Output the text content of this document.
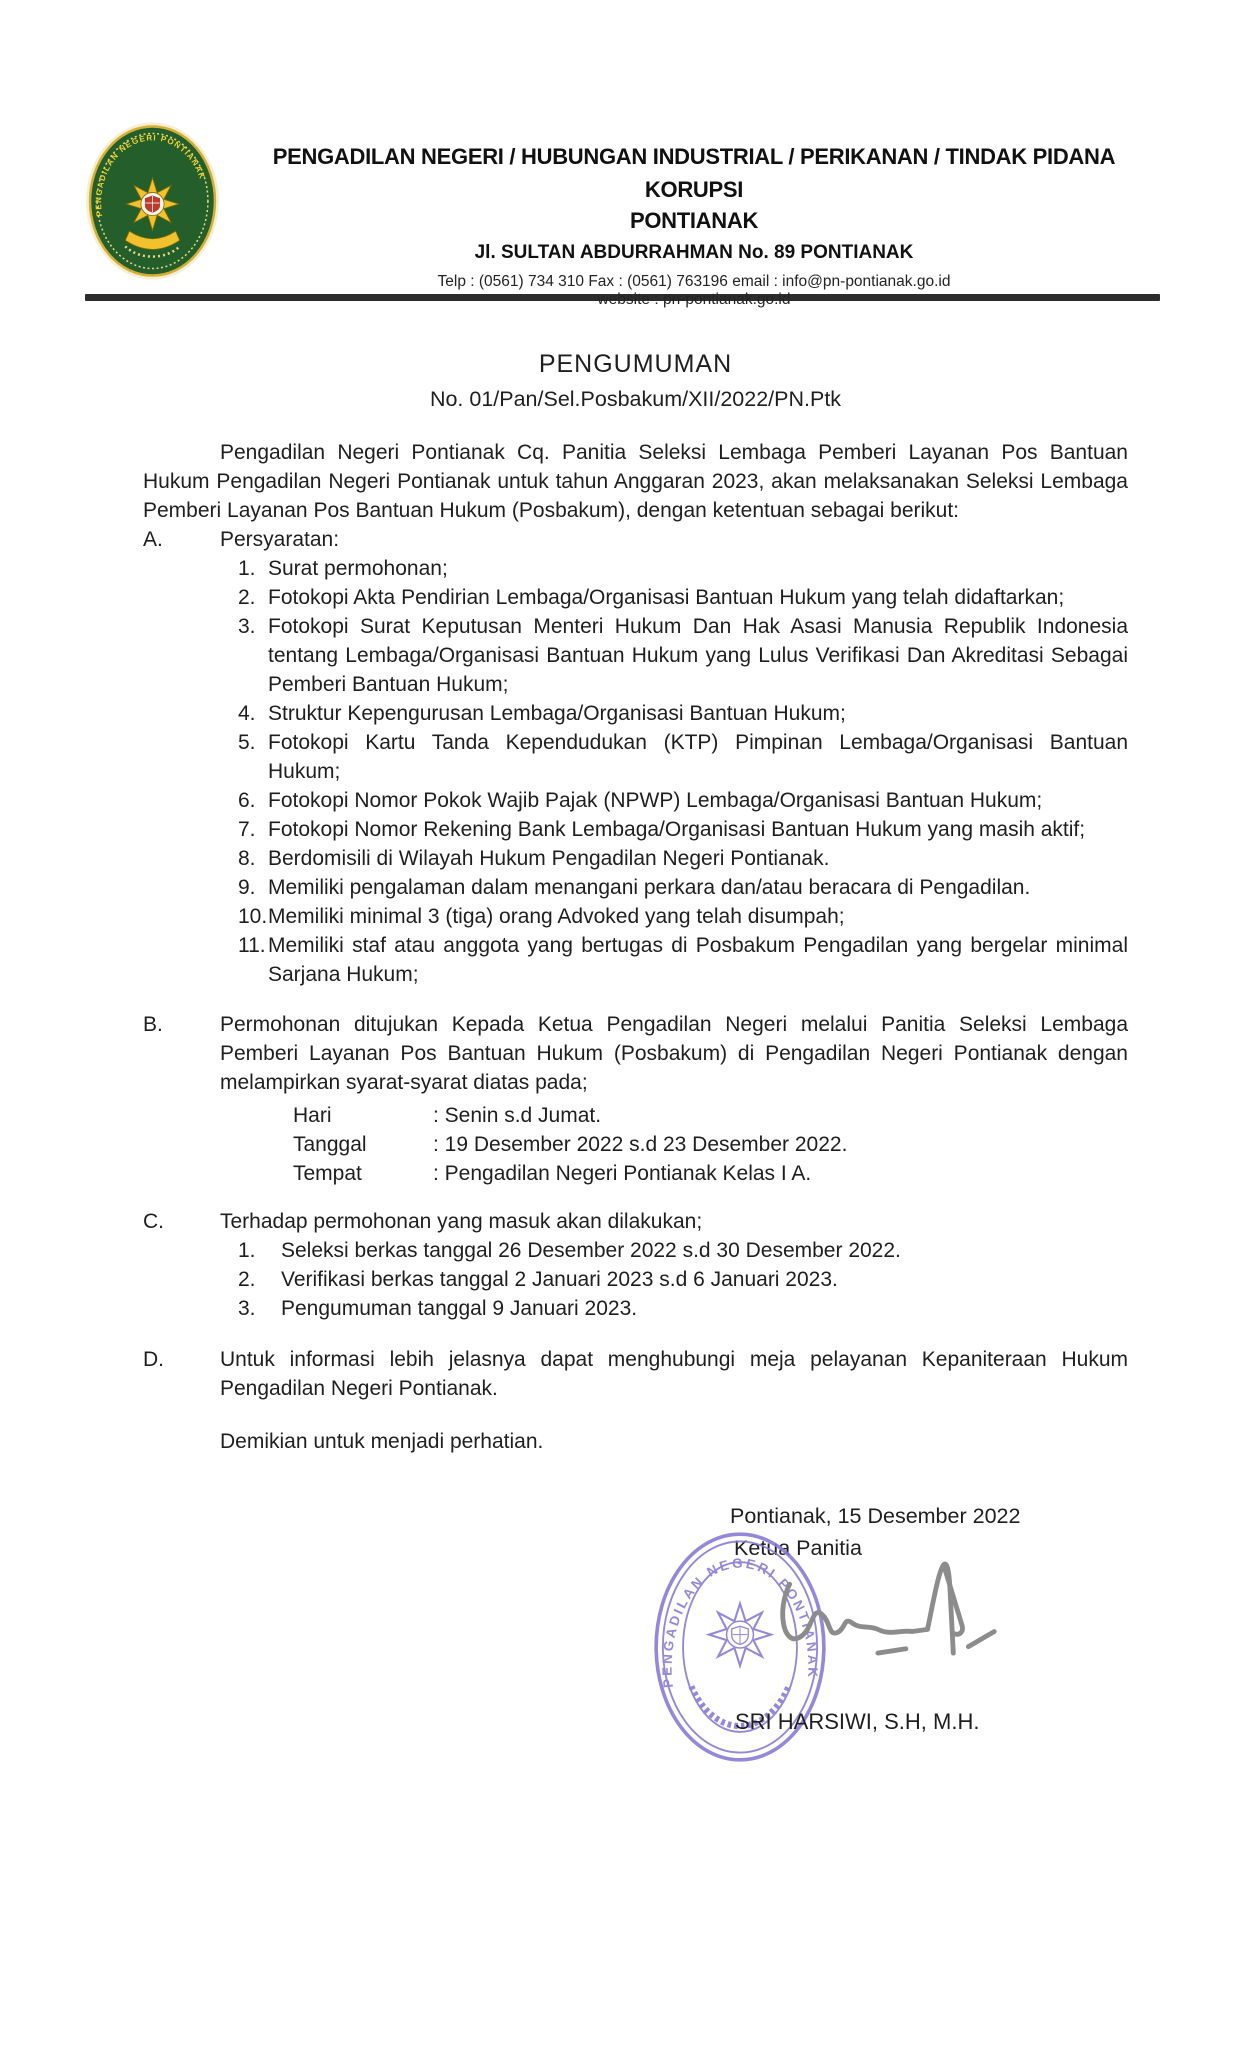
PENGADILAN NEGERI PONTIANAK
PENGADILAN NEGERI / HUBUNGAN INDUSTRIAL / PERIKANAN / TINDAK PIDANA KORUPSI
PONTIANAK
Jl. SULTAN ABDURRAHMAN No. 89 PONTIANAK
Telp : (0561) 734 310 Fax : (0561) 763196 email : info@pn-pontianak.go.id
website : pn-pontianak.go.id
PENGUMUMAN
No. 01/Pan/Sel.Posbakum/XII/2022/PN.Ptk

Pengadilan Negeri Pontianak Cq. Panitia Seleksi Lembaga Pemberi Layanan Pos Bantuan Hukum Pengadilan Negeri Pontianak untuk tahun Anggaran 2023, akan melaksanakan Seleksi Lembaga Pemberi Layanan Pos Bantuan Hukum (Posbakum), dengan ketentuan sebagai berikut:

A.	Persyaratan:
1. Surat permohonan;
2. Fotokopi Akta Pendirian Lembaga/Organisasi Bantuan Hukum yang telah didaftarkan;
3. Fotokopi Surat Keputusan Menteri Hukum Dan Hak Asasi Manusia Republik Indonesia tentang Lembaga/Organisasi Bantuan Hukum yang Lulus Verifikasi Dan Akreditasi Sebagai Pemberi Bantuan Hukum;
4. Struktur Kepengurusan Lembaga/Organisasi Bantuan Hukum;
5. Fotokopi Kartu Tanda Kependudukan (KTP) Pimpinan Lembaga/Organisasi Bantuan Hukum;
6. Fotokopi Nomor Pokok Wajib Pajak (NPWP) Lembaga/Organisasi Bantuan Hukum;
7. Fotokopi Nomor Rekening Bank Lembaga/Organisasi Bantuan Hukum yang masih aktif;
8. Berdomisili di Wilayah Hukum Pengadilan Negeri Pontianak.
9. Memiliki pengalaman dalam menangani perkara dan/atau beracara di Pengadilan.
10. Memiliki minimal 3 (tiga) orang Advoked yang telah disumpah;
11. Memiliki staf atau anggota yang bertugas di Posbakum Pengadilan yang bergelar minimal Sarjana Hukum;
B.	Permohonan ditujukan Kepada Ketua Pengadilan Negeri melalui Panitia Seleksi Lembaga Pemberi Layanan Pos Bantuan Hukum (Posbakum) di Pengadilan Negeri Pontianak dengan melampirkan syarat-syarat diatas pada;
Hari	: Senin s.d Jumat.
Tanggal	: 19 Desember 2022 s.d 23 Desember 2022.
Tempat	: Pengadilan Negeri Pontianak Kelas I A.
C.	Terhadap permohonan yang masuk akan dilakukan;
1.	Seleksi berkas tanggal 26 Desember 2022 s.d 30 Desember 2022.
2.	Verifikasi berkas tanggal 2 Januari 2023 s.d 6 Januari 2023.
3.	Pengumuman tanggal 9 Januari 2023.
D.	Untuk informasi lebih jelasnya dapat menghubungi meja pelayanan Kepaniteraan Hukum Pengadilan Negeri Pontianak.
Demikian untuk menjadi perhatian.
Pontianak, 15 Desember 2022
Ketua Panitia
PENGADILAN NEGERI PONTIANAK
SRI HARSIWI, S.H, M.H.
